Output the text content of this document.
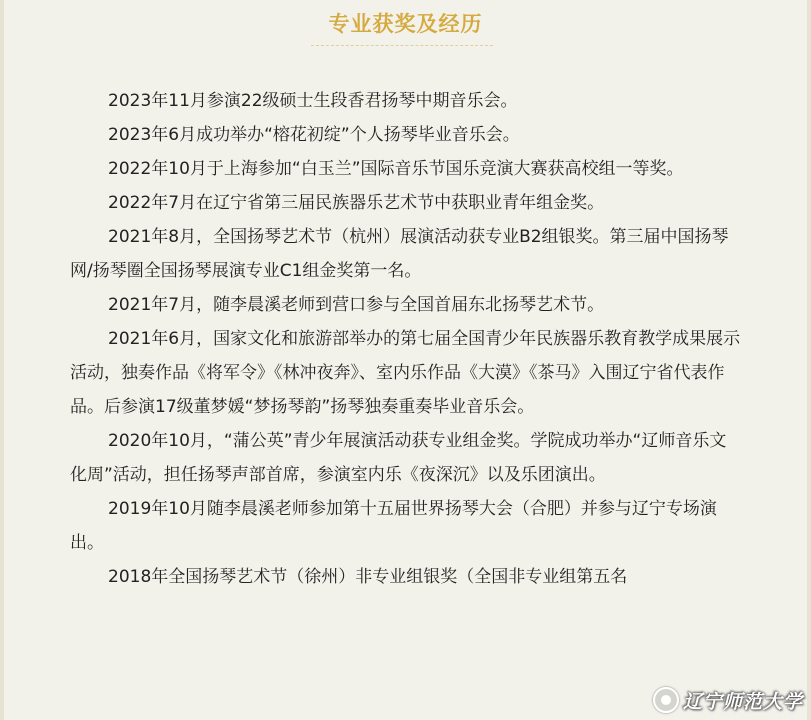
专业获奖及经历

2023年11月参演22级硕士生段香君扬琴中期音乐会。

2023年6月成功举办“榕花初绽”个人扬琴毕业音乐会。

2022年10月于上海参加“白玉兰”国际音乐节国乐竞演大赛获高校组一等奖。

2022年7月在辽宁省第三届民族器乐艺术节中获职业青年组金奖。

2021年8月，全国扬琴艺术节（杭州）展演活动获专业B2组银奖。第三届中国扬琴网/扬琴圈全国扬琴展演专业C1组金奖第一名。

2021年7月，随李晨溪老师到营口参与全国首届东北扬琴艺术节。

2021年6月，国家文化和旅游部举办的第七届全国青少年民族器乐教育教学成果展示活动，独奏作品《将军令》《林冲夜奔》、室内乐作品《大漠》《茶马》入围辽宁省代表作品。后参演17级董梦媛“梦扬琴韵”扬琴独奏重奏毕业音乐会。

2020年10月，“蒲公英”青少年展演活动获专业组金奖。学院成功举办“辽师音乐文化周”活动，担任扬琴声部首席，参演室内乐《夜深沉》以及乐团演出。

2019年10月随李晨溪老师参加第十五届世界扬琴大会（合肥）并参与辽宁专场演出。

2018年全国扬琴艺术节（徐州）非专业组银奖（全国非专业组第五名

辽宁师范大学
